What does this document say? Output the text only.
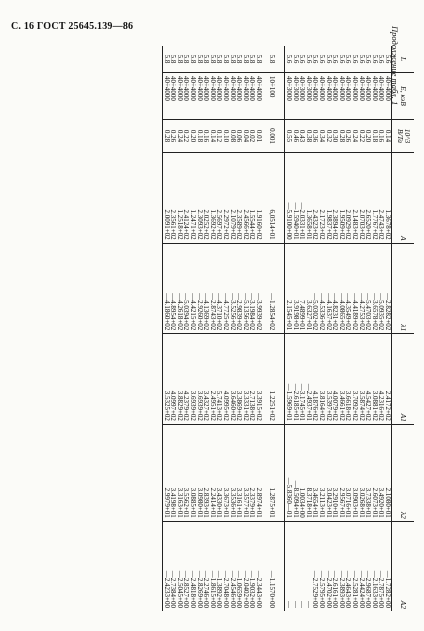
С. 16 ГОСТ 25645.139—86	Продолжение табл. 1 L	E, кэВ	10^3 B/Ta	A	λ1	A1	λ2	A2
5.6	40÷4000	0.14	1.3678+02	—2.8282+02	2.4172+02	2.1080+01	—1.7282+00
5.6	40÷4000	0.16	2.4743+02	—5.0935+02	4.2316+02	3.4920+01	—2.7875+00
5.6	40÷4000	0.18	1.7767+02	—3.6578+02	3.0881+02	2.6073+01	—2.1633+00
5.6	40÷4000	0.20	2.6520+02	—5.4703+02	4.5427+02	3.7338+01	—2.9687+00
5.6	40÷4000	0.22	2.0703+02	—4.2753+02	3.5874+02	3.0268+01	—2.4424+00
5.6	40÷4000	0.24	2.1483+02	—4.4189+02	3.7092+02	3.0903+01	—2.5281+00
5.6	40÷4000	0.26	2.0929+02	—4.3549+02	3.6618+02	3.0716+01	—2.4643+00
5.6	40÷4000	0.28	1.9509+02	—4.0865+02	3.4661+02	2.9567+01	—2.3893+00
5.6	40÷4000	0.30	2.3894+02	—4.8231+02	4.0079+02	3.2910+01	—2.6161+00
5.6	40÷4000	0.32	1.9837+02	—4.1637+02	3.5397+02	3.0423+01	—2.4702+00
5.6	40÷4000	0.34	2.1723+02	—4.5336+02	3.8164+02	3.2113+01	—2.5795+00
5.6	40÷4000	0.36	2.4323+02	—5.0302+02	4.1876+02	3.4654+01	—2.7529+00
5.6	40÷3000	0.38	1.3658+01	3.6327+01	—2.4937+01	8.3718+01	—
5.6	40÷3000	0.43	—2.0331+01	7.4899+01	—3.1745+01	1.0034+00	—
5.6	40÷3000	0.46	—1.5940+01	3.9198+01	—2.6185+01	—8.5094+01	—
5.6	40÷3000	0.55	—5.9100+00	2.1545+01	—1.5969+01	—5.8360—01	—

5.8	10÷100	0.001	6,0514+01	—1.2854+02	1.2251+02	1.2875+01	—1.1570+00

5.8	40÷4000	0.01	1.9160+02	—3.9939+02	3.3915+02	2.8974+01	—2.3443+00
5.8	40÷4000	0.02	1.5544+02	—3.1984+02	2.7138+02	2.3379+01	—1.9032+00
5.8	40÷4000	0.04	2.4566+02	—5.1356+02	3.3331+02	3.3577+01	—2.0402+00
5.8	40÷4000	0.06	2.3589+02	—2.9839+02	3.3869+02	3.3161+01	—1.0659+00
5.8	40÷4000	0.08	2.1079+02	—3.5256+02	3.6460+02	3.3536+01	—2.4546+00
5.8	40÷4000	0.10	2.2972+02	—4.7725+02	4.0995+02	3.3673+01	—2.7048+00
5.8	40÷4000	0.12	2.5697+02	—4.3710+02	5.7413+02	3.4330+01	—1.3892+00
5.8	40÷4000	0.14	1.3692+02	—2.8743+02	2.4951+02	2.2414+01	—1.8615+00
5.8	40÷4000	0.16	2.0252+02	—4.1369+02	3.4327+02	2.8393+01	—2.2746+00
5.8	40÷4000	0.18	2.3093+02	—2.9260+02	3.6939+02	3.0980+01	—2.8269+00
5.8	40÷4000	0.20	1.2471+02	—4.4215+02	3.6939+02	3.0885+01	—2.4818+00
5.8	40÷4000	0.22	2.4124+02	—5.0394+02	4.2379+02	3.5562+01	—2.8527+00
5.8	40÷4000	0.24	1.2518+02	—4.2618+02	3.8829+02	3.3163+01	—2.5045+00
5.8	40÷4000	0.26	2.3561+02	—4.8954+02	4.0997+02	3.4198+01	—2.7384+00
5.8	40÷4000	0.28	2.0091+02	—4.1860+02	3.5325+02	2.9979+01	—2.4233+00
